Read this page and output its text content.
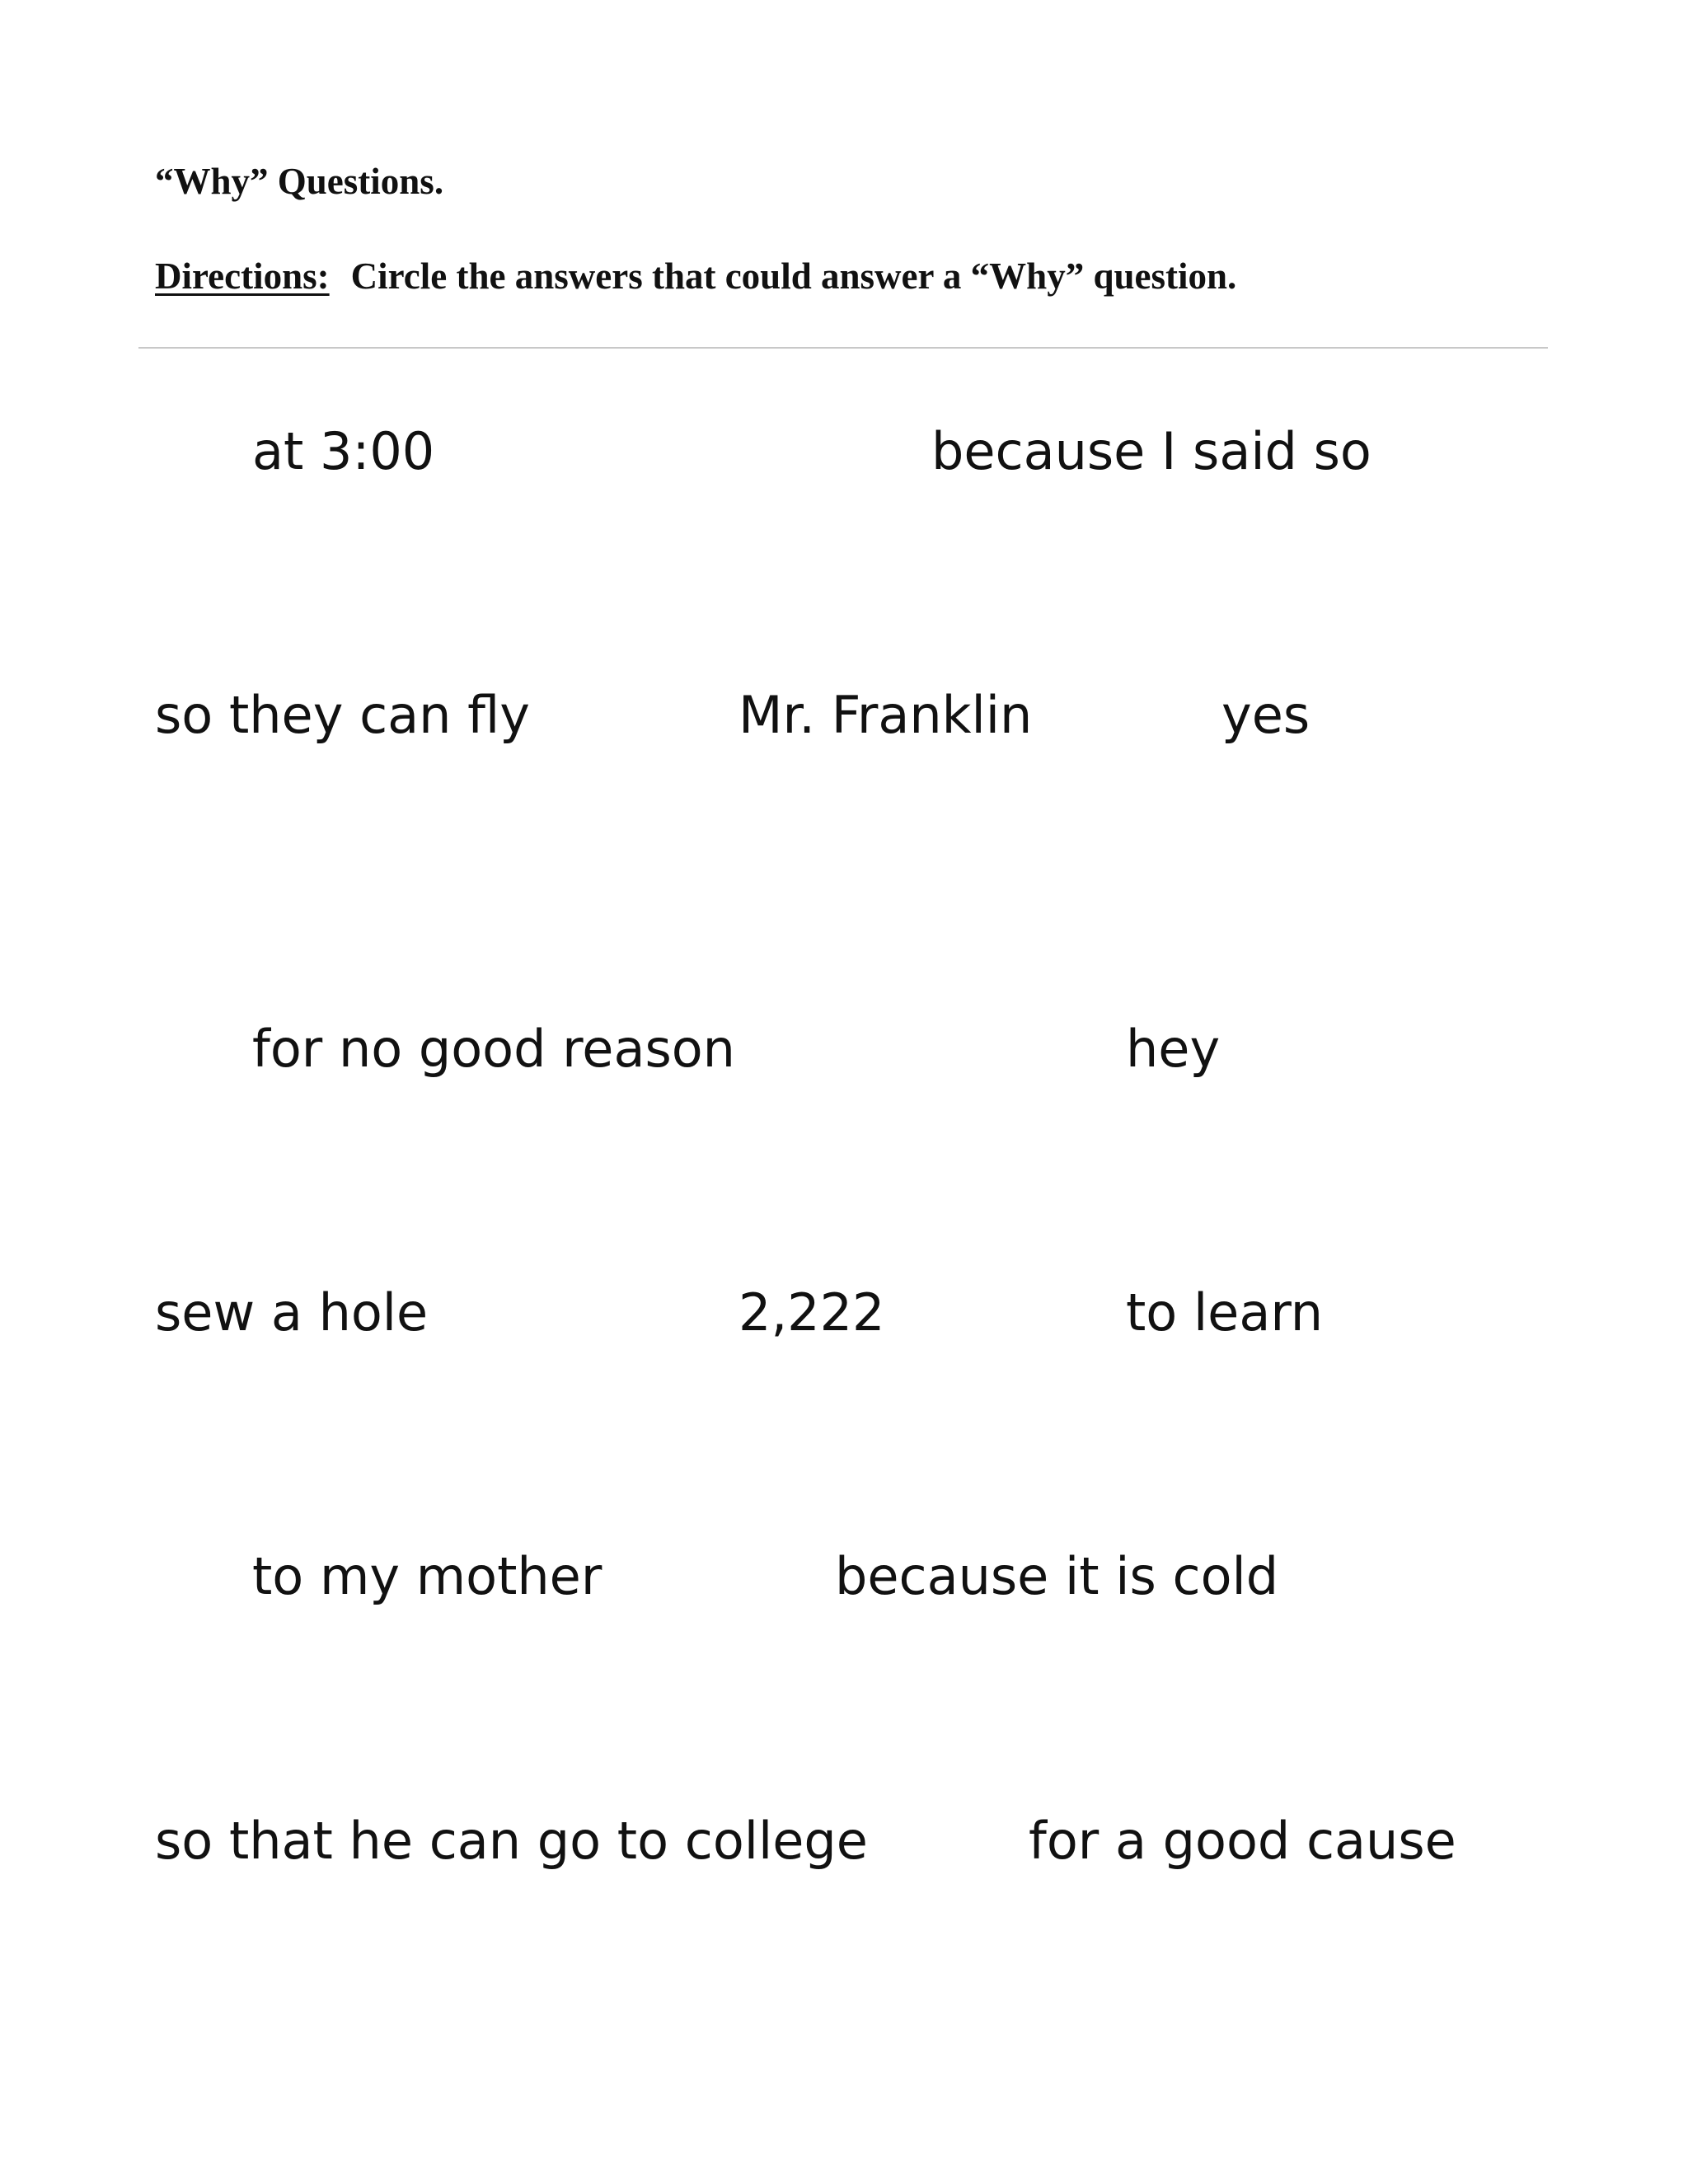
“Why” Questions.

Directions: Circle the answers that could answer a “Why” question.

at 3:00	because I said so
so they can fly	Mr. Franklin	yes
for no good reason	hey
sew a hole	2,222	to learn
to my mother	because it is cold
so that he can go to college	for a good cause
